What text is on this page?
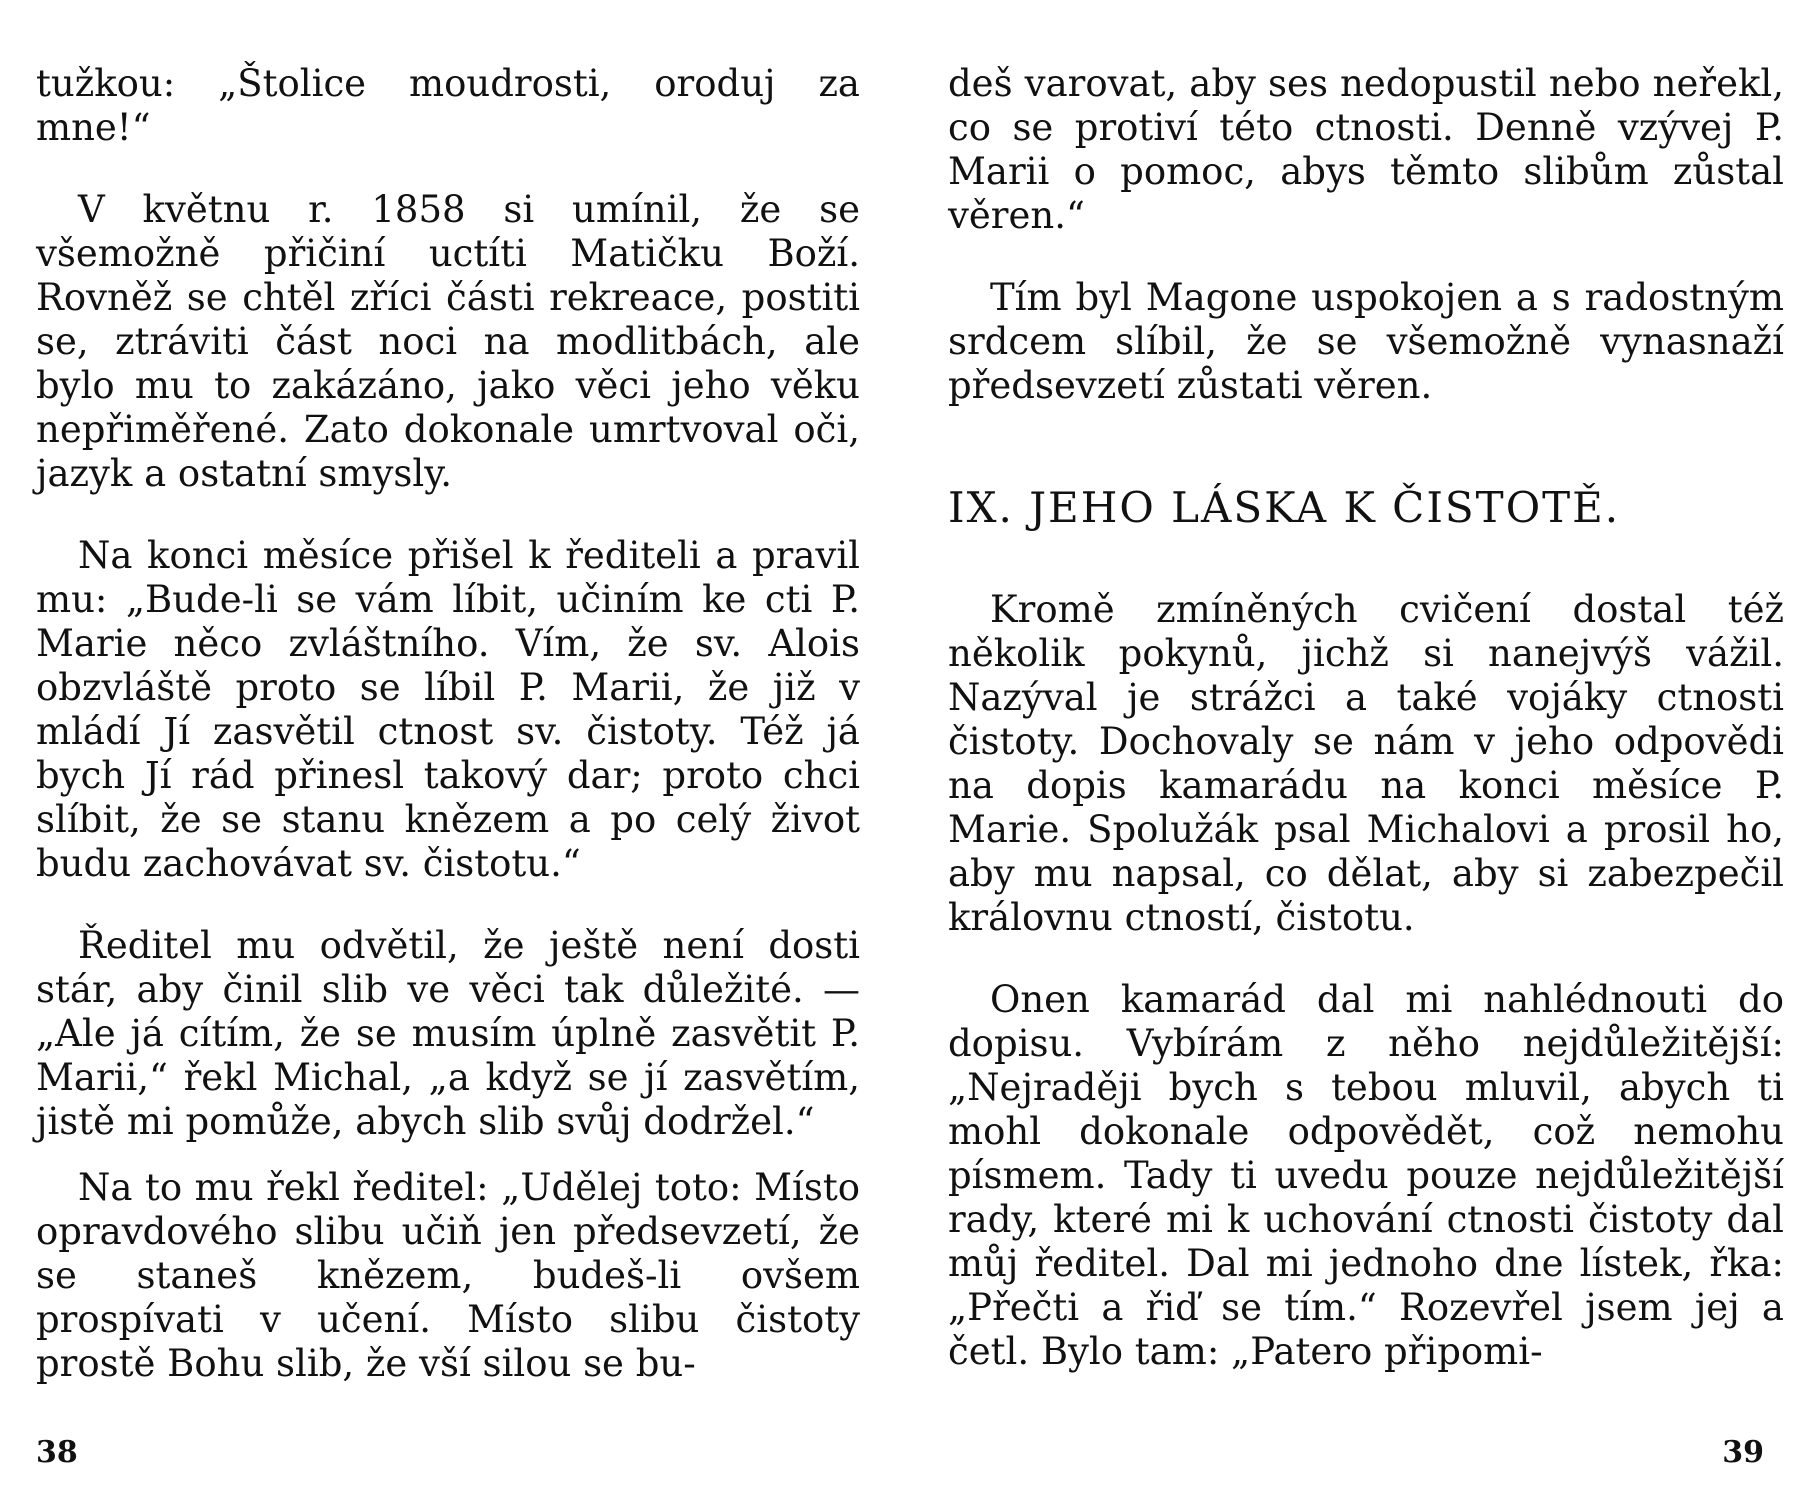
tužkou: „Štolice moudrosti, oroduj za mne!“

V květnu r. 1858 si umínil, že se všemožně přičiní uctíti Matičku Boží. Rovněž se chtěl zříci části rekreace, postiti se, ztráviti část noci na modlitbách, ale bylo mu to zakázáno, jako věci jeho věku nepřiměřené. Zato dokonale umrtvoval oči, jazyk a ostatní smysly.

Na konci měsíce přišel k řediteli a pravil mu: „Bude-li se vám líbit, učiním ke cti P. Marie něco zvláštního. Vím, že sv. Alois obzvláště proto se líbil P. Marii, že již v mládí Jí zasvětil ctnost sv. čistoty. Též já bych Jí rád přinesl takový dar; proto chci slíbit, že se stanu knězem a po celý život budu zachovávat sv. čistotu.“

Ředitel mu odvětil, že ještě není dosti stár, aby činil slib ve věci tak důležité. — „Ale já cítím, že se musím úplně zasvětit P. Marii,“ řekl Michal, „a když se jí zasvětím, jistě mi pomůže, abych slib svůj dodržel.“

Na to mu řekl ředitel: „Udělej toto: Místo opravdového slibu učiň jen předsevzetí, že se staneš knězem, budeš-li ovšem prospívati v učení. Místo slibu čistoty prostě Bohu slib, že vší silou se bu-

38

deš varovat, aby ses nedopustil nebo neřekl, co se protiví této ctnosti. Denně vzývej P. Marii o pomoc, abys těmto slibům zůstal věren.“

Tím byl Magone uspokojen a s radostným srdcem slíbil, že se všemožně vynasnaží předsevzetí zůstati věren.

IX. JEHO LÁSKA K ČISTOTĚ.

Kromě zmíněných cvičení dostal též několik pokynů, jichž si nanejvýš vážil. Nazýval je strážci a také vojáky ctnosti čistoty. Dochovaly se nám v jeho odpovědi na dopis kamarádu na konci měsíce P. Marie. Spolužák psal Michalovi a prosil ho, aby mu napsal, co dělat, aby si zabezpečil královnu ctností, čistotu.

Onen kamarád dal mi nahlédnouti do dopisu. Vybírám z něho nejdůležitější: „Nejraději bych s tebou mluvil, abych ti mohl dokonale odpovědět, což nemohu písmem. Tady ti uvedu pouze nejdůležitější rady, které mi k uchování ctnosti čistoty dal můj ředitel. Dal mi jednoho dne lístek, řka: „Přečti a řiď se tím.“ Rozevřel jsem jej a četl. Bylo tam: „Patero připomi-

39
